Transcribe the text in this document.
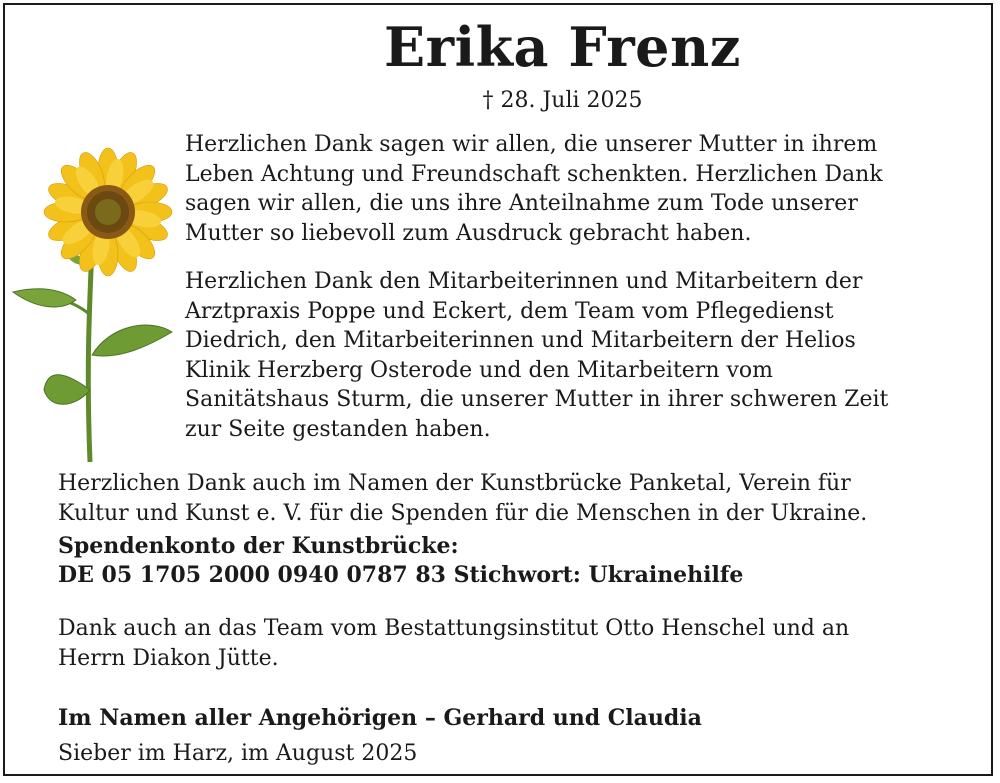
Erika Frenz
† 28. Juli 2025

Herzlichen Dank sagen wir allen, die unserer Mutter in ihrem
Leben Achtung und Freundschaft schenkten. Herzlichen Dank
sagen wir allen, die uns ihre Anteilnahme zum Tode unserer
Mutter so liebevoll zum Ausdruck gebracht haben.

Herzlichen Dank den Mitarbeiterinnen und Mitarbeitern der
Arztpraxis Poppe und Eckert, dem Team vom Pflegedienst
Diedrich, den Mitarbeiterinnen und Mitarbeitern der Helios
Klinik Herzberg Osterode und den Mitarbeitern vom
Sanitätshaus Sturm, die unserer Mutter in ihrer schweren Zeit
zur Seite gestanden haben.

Herzlichen Dank auch im Namen der Kunstbrücke Panketal, Verein für
Kultur und Kunst e. V. für die Spenden für die Menschen in der Ukraine.

Spendenkonto der Kunstbrücke:
DE 05 1705 2000 0940 0787 83 Stichwort: Ukrainehilfe

Dank auch an das Team vom Bestattungsinstitut Otto Henschel und an
Herrn Diakon Jütte.

Im Namen aller Angehörigen – Gerhard und Claudia
Sieber im Harz, im August 2025
